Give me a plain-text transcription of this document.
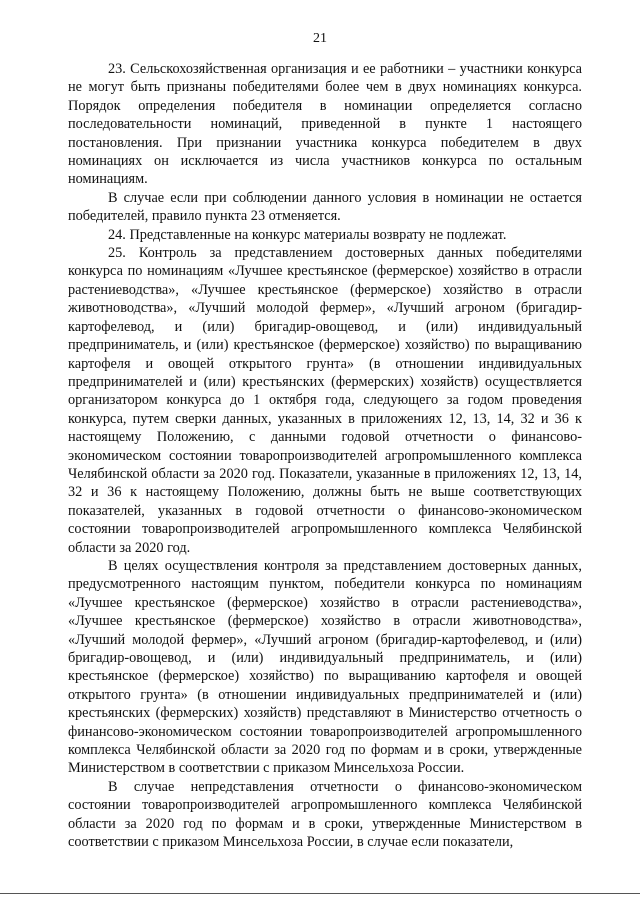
21

23. Сельскохозяйственная организация и ее работники – участники конкурса не могут быть признаны победителями более чем в двух номинациях конкурса. Порядок определения победителя в номинации определяется согласно последовательности номинаций, приведенной в пункте 1 настоящего постановления. При признании участника конкурса победителем в двух номинациях он исключается из числа участников конкурса по остальным номинациям.

В случае если при соблюдении данного условия в номинации не остается победителей, правило пункта 23 отменяется.

24. Представленные на конкурс материалы возврату не подлежат.

25. Контроль за представлением достоверных данных победителями конкурса по номинациям «Лучшее крестьянское (фермерское) хозяйство в отрасли растениеводства», «Лучшее крестьянское (фермерское) хозяйство в отрасли животноводства», «Лучший молодой фермер», «Лучший агроном (бригадир-картофелевод, и (или) бригадир-овощевод, и (или) индивидуальный предприниматель, и (или) крестьянское (фермерское) хозяйство) по выращиванию картофеля и овощей открытого грунта» (в отношении индивидуальных предпринимателей и (или) крестьянских (фермерских) хозяйств) осуществляется организатором конкурса до 1 октября года, следующего за годом проведения конкурса, путем сверки данных, указанных в приложениях 12, 13, 14, 32 и 36 к настоящему Положению, с данными годовой отчетности о финансово-экономическом состоянии товаропроизводителей агропромышленного комплекса Челябинской области за 2020 год. Показатели, указанные в приложениях 12, 13, 14, 32 и 36 к настоящему Положению, должны быть не выше соответствующих показателей, указанных в годовой отчетности о финансово-экономическом состоянии товаропроизводителей агропромышленного комплекса Челябинской области за 2020 год.

В целях осуществления контроля за представлением достоверных данных, предусмотренного настоящим пунктом, победители конкурса по номинациям «Лучшее крестьянское (фермерское) хозяйство в отрасли растениеводства», «Лучшее крестьянское (фермерское) хозяйство в отрасли животноводства», «Лучший молодой фермер», «Лучший агроном (бригадир-картофелевод, и (или) бригадир-овощевод, и (или) индивидуальный предприниматель, и (или) крестьянское (фермерское) хозяйство) по выращиванию картофеля и овощей открытого грунта» (в отношении индивидуальных предпринимателей и (или) крестьянских (фермерских) хозяйств) представляют в Министерство отчетность о финансово-экономическом состоянии товаропроизводителей агропромышленного комплекса Челябинской области за 2020 год по формам и в сроки, утвержденные Министерством в соответствии с приказом Минсельхоза России.

В случае непредставления отчетности о финансово-экономическом состоянии товаропроизводителей агропромышленного комплекса Челябинской области за 2020 год по формам и в сроки, утвержденные Министерством в соответствии с приказом Минсельхоза России, в случае если показатели,
